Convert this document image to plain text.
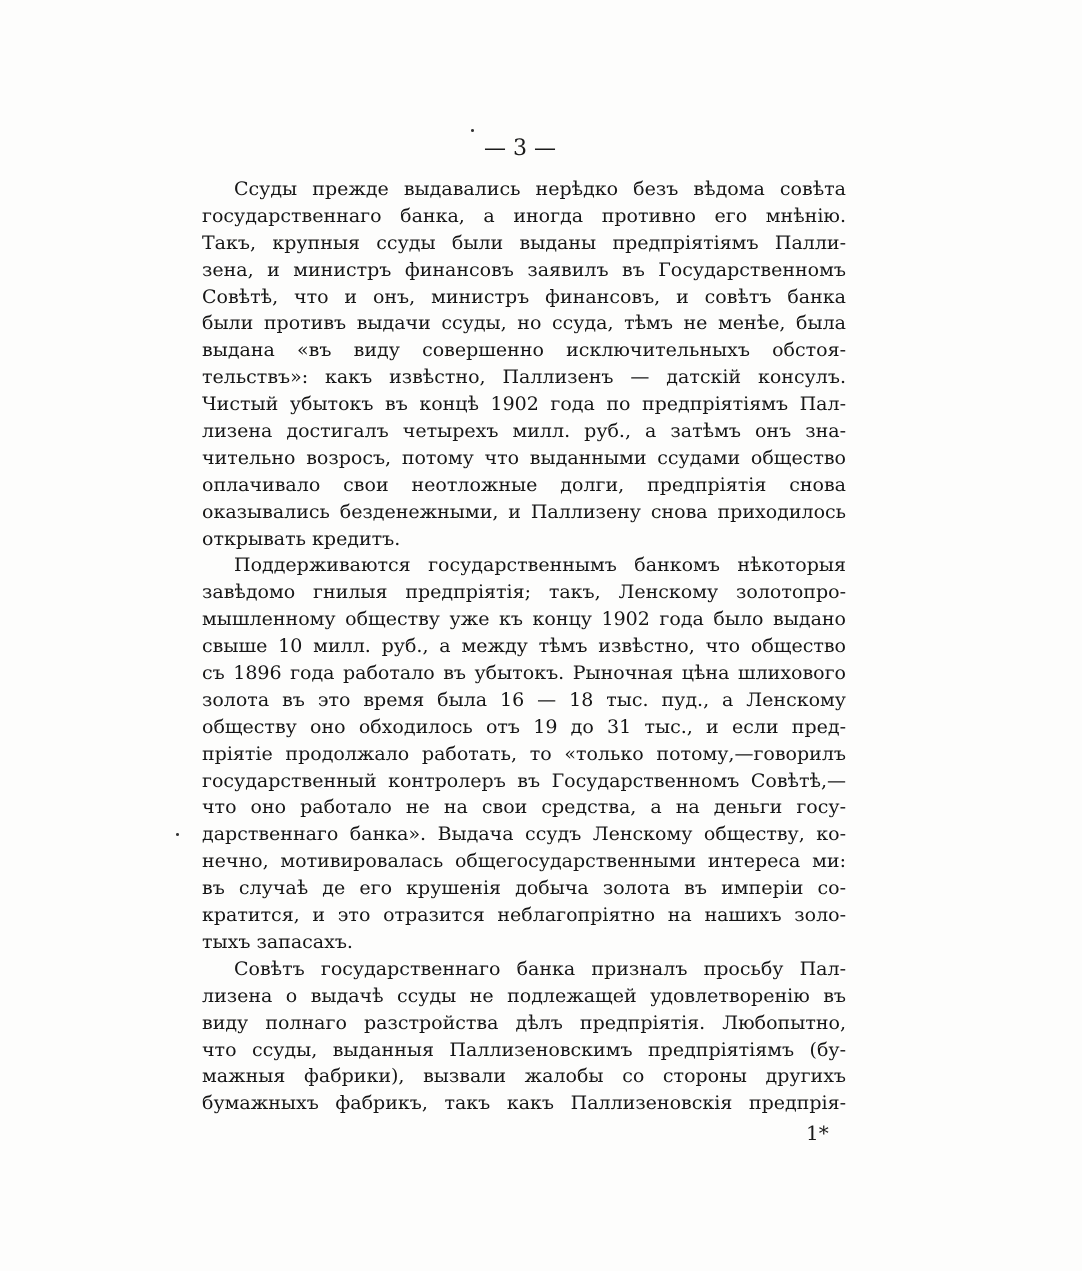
— 3 —
Ссуды прежде выдавались нерѣдко безъ вѣдома совѣта
государственнаго банка, а иногда противно его мнѣнію.
Такъ, крупныя ссуды были выданы предпріятіямъ Палли-
зена, и министръ финансовъ заявилъ въ Государственномъ
Совѣтѣ, что и онъ, министръ финансовъ, и совѣтъ банка
были противъ выдачи ссуды, но ссуда, тѣмъ не менѣе, была
выдана «въ виду совершенно исключительныхъ обстоя-
тельствъ»: какъ извѣстно, Паллизенъ — датскій консулъ.
Чистый убытокъ въ концѣ 1902 года по предпріятіямъ Пал-
лизена достигалъ четырехъ милл. руб., а затѣмъ онъ зна-
чительно возросъ, потому что выданными ссудами общество
оплачивало свои неотложные долги, предпріятія снова
оказывались безденежными, и Паллизену снова приходилось
открывать кредитъ.
Поддерживаются государственнымъ банкомъ нѣкоторыя
завѣдомо гнилыя предпріятія; такъ, Ленскому золотопро-
мышленному обществу уже къ концу 1902 года было выдано
свыше 10 милл. руб., а между тѣмъ извѣстно, что общество
съ 1896 года работало въ убытокъ. Рыночная цѣна шлихового
золота въ это время была 16 — 18 тыс. пуд., а Ленскому
обществу оно обходилось отъ 19 до 31 тыс., и если пред-
пріятіе продолжало работать, то «только потому,—говорилъ
государственный контролеръ въ Государственномъ Совѣтѣ,—
что оно работало не на свои средства, а на деньги госу-
дарственнаго банка». Выдача ссудъ Ленскому обществу, ко-
нечно, мотивировалась общегосударственными интереса ми:
въ случаѣ де его крушенія добыча золота въ имперіи со-
кратится, и это отразится неблагопріятно на нашихъ золо-
тыхъ запасахъ.
Совѣтъ государственнаго банка призналъ просьбу Пал-
лизена о выдачѣ ссуды не подлежащей удовлетворенію въ
виду полнаго разстройства дѣлъ предпріятія. Любопытно,
что ссуды, выданныя Паллизеновскимъ предпріятіямъ (бу-
мажныя фабрики), вызвали жалобы со стороны другихъ
бумажныхъ фабрикъ, такъ какъ Паллизеновскія предпрія-
1*
